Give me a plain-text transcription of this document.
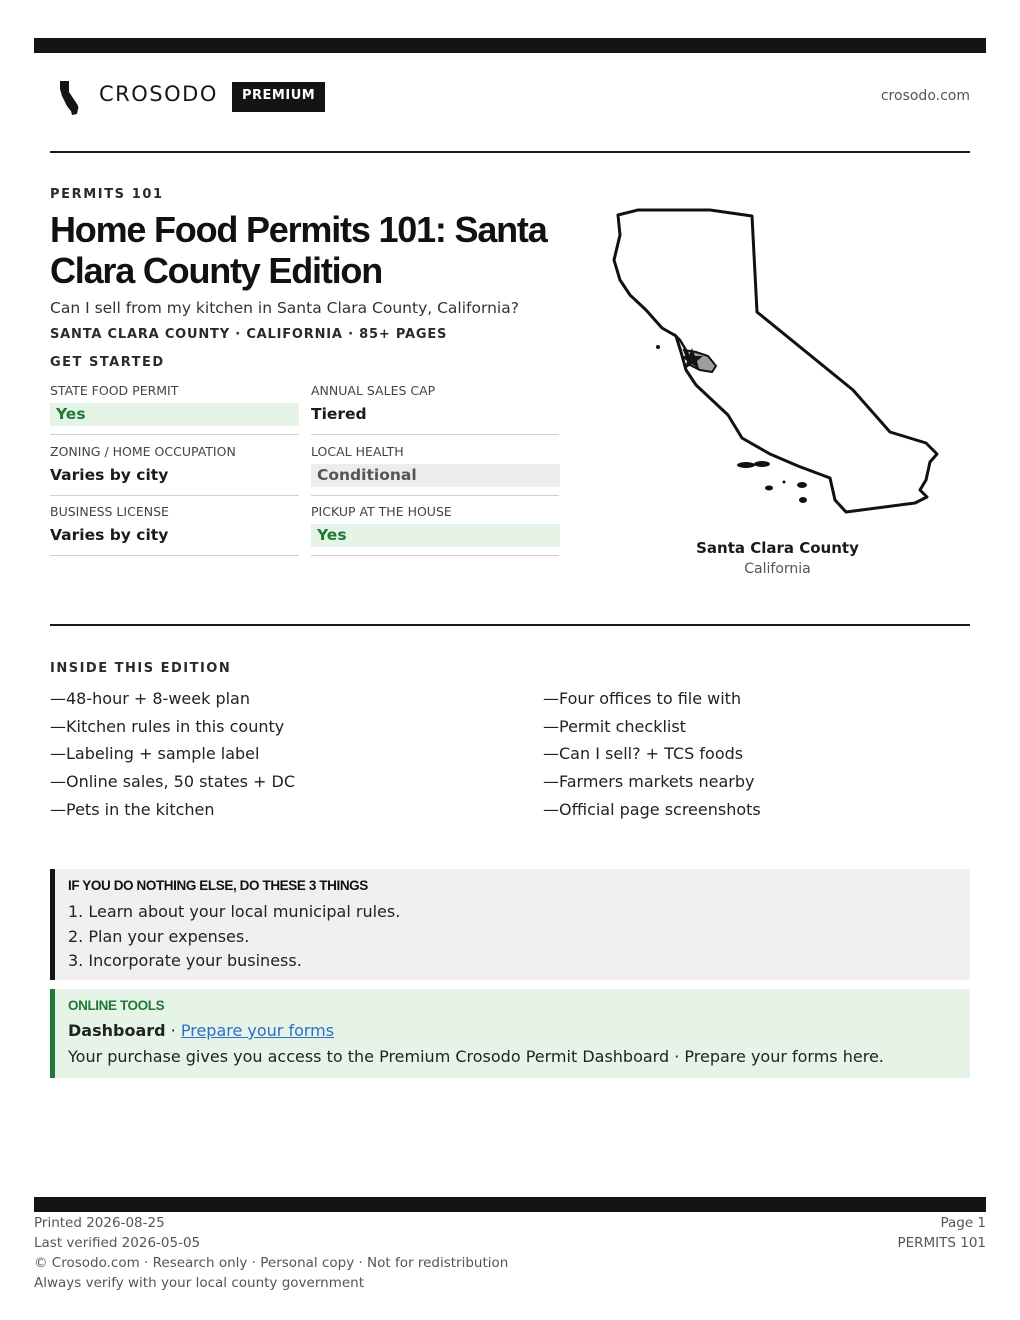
CROSODO	PREMIUM	crosodo.com
PERMITS 101
Home Food Permits 101: Santa Clara County Edition
Can I sell from my kitchen in Santa Clara County, California?
SANTA CLARA COUNTY · CALIFORNIA · 85+ PAGES
GET STARTED
STATE FOOD PERMIT
Yes
ANNUAL SALES CAP
Tiered
ZONING / HOME OCCUPATION
Varies by city
LOCAL HEALTH
Conditional
BUSINESS LICENSE
Varies by city
PICKUP AT THE HOUSE
Yes
Santa Clara County
California
INSIDE THIS EDITION
—48-hour + 8-week plan
—Kitchen rules in this county
—Labeling + sample label
—Online sales, 50 states + DC
—Pets in the kitchen
—Four offices to file with
—Permit checklist
—Can I sell? + TCS foods
—Farmers markets nearby
—Official page screenshots
IF YOU DO NOTHING ELSE, DO THESE 3 THINGS
1. Learn about your local municipal rules.
2. Plan your expenses.
3. Incorporate your business.
ONLINE TOOLS
Dashboard · Prepare your forms
Your purchase gives you access to the Premium Crosodo Permit Dashboard · Prepare your forms here.
Printed 2026-08-25
Last verified 2026-05-05
© Crosodo.com · Research only · Personal copy · Not for redistribution
Always verify with your local county government
Page 1
PERMITS 101
